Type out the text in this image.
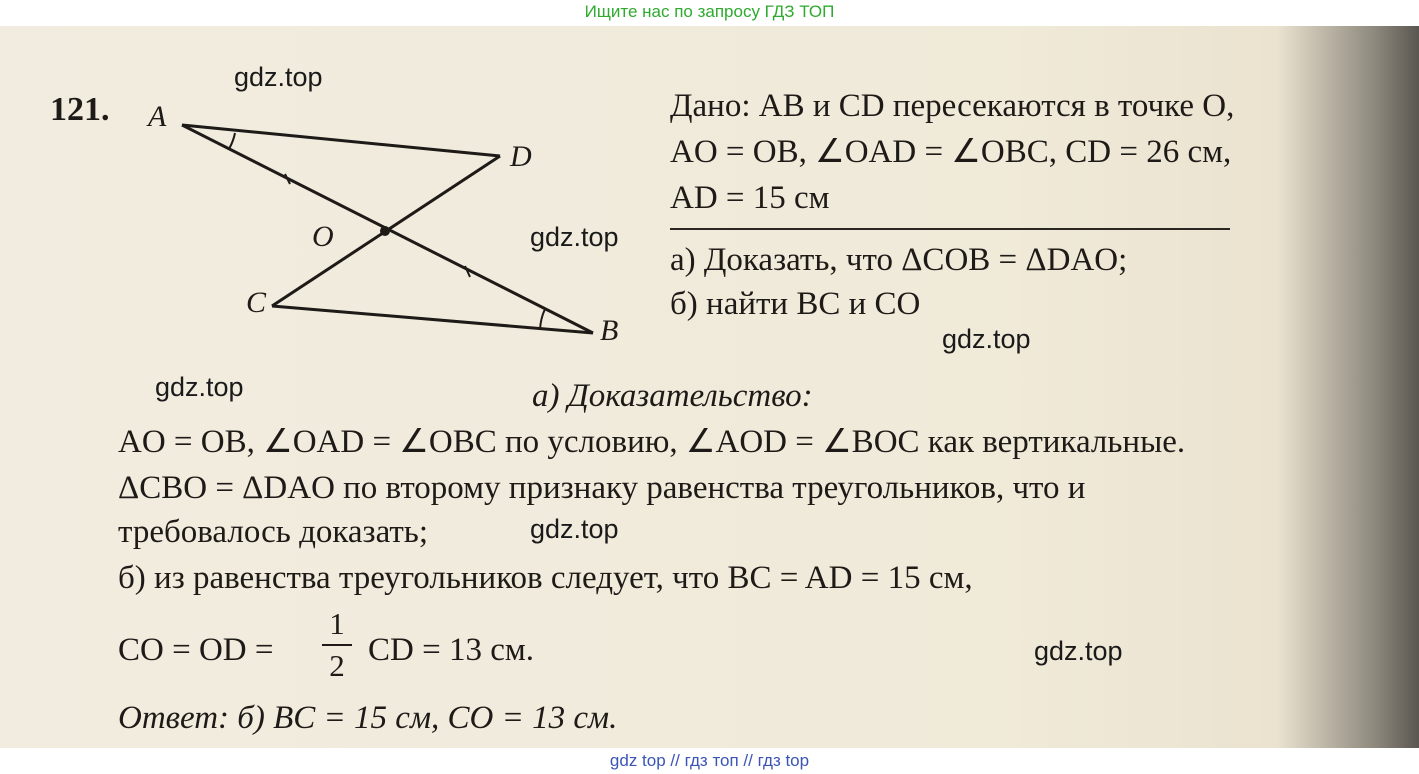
Ищите нас по запросу ГДЗ ТОП
121. A
D
O
C
B
Дано: AB и CD пересекаются в точке O,
AO = OB, ∠OAD = ∠OBC, CD = 26 см,
AD = 15 см
а) Доказать, что ΔCOB = ΔDAO;
б) найти BC и CO
а) Доказательство:
AO = OB, ∠OAD = ∠OBC по условию, ∠AOD = ∠BOC как вертикальные.
ΔCBO = ΔDAO по второму признаку равенства треугольников, что и
требовалось доказать;
б) из равенства треугольников следует, что BC = AD = 15 см,
CO = OD =
1
2 CD = 13 см.
Ответ: б) BC = 15 см, CO = 13 см.
gdz.top
gdz.top
gdz.top
gdz.top
gdz.top
gdz.top
gdz top // гдз топ // гдз top
